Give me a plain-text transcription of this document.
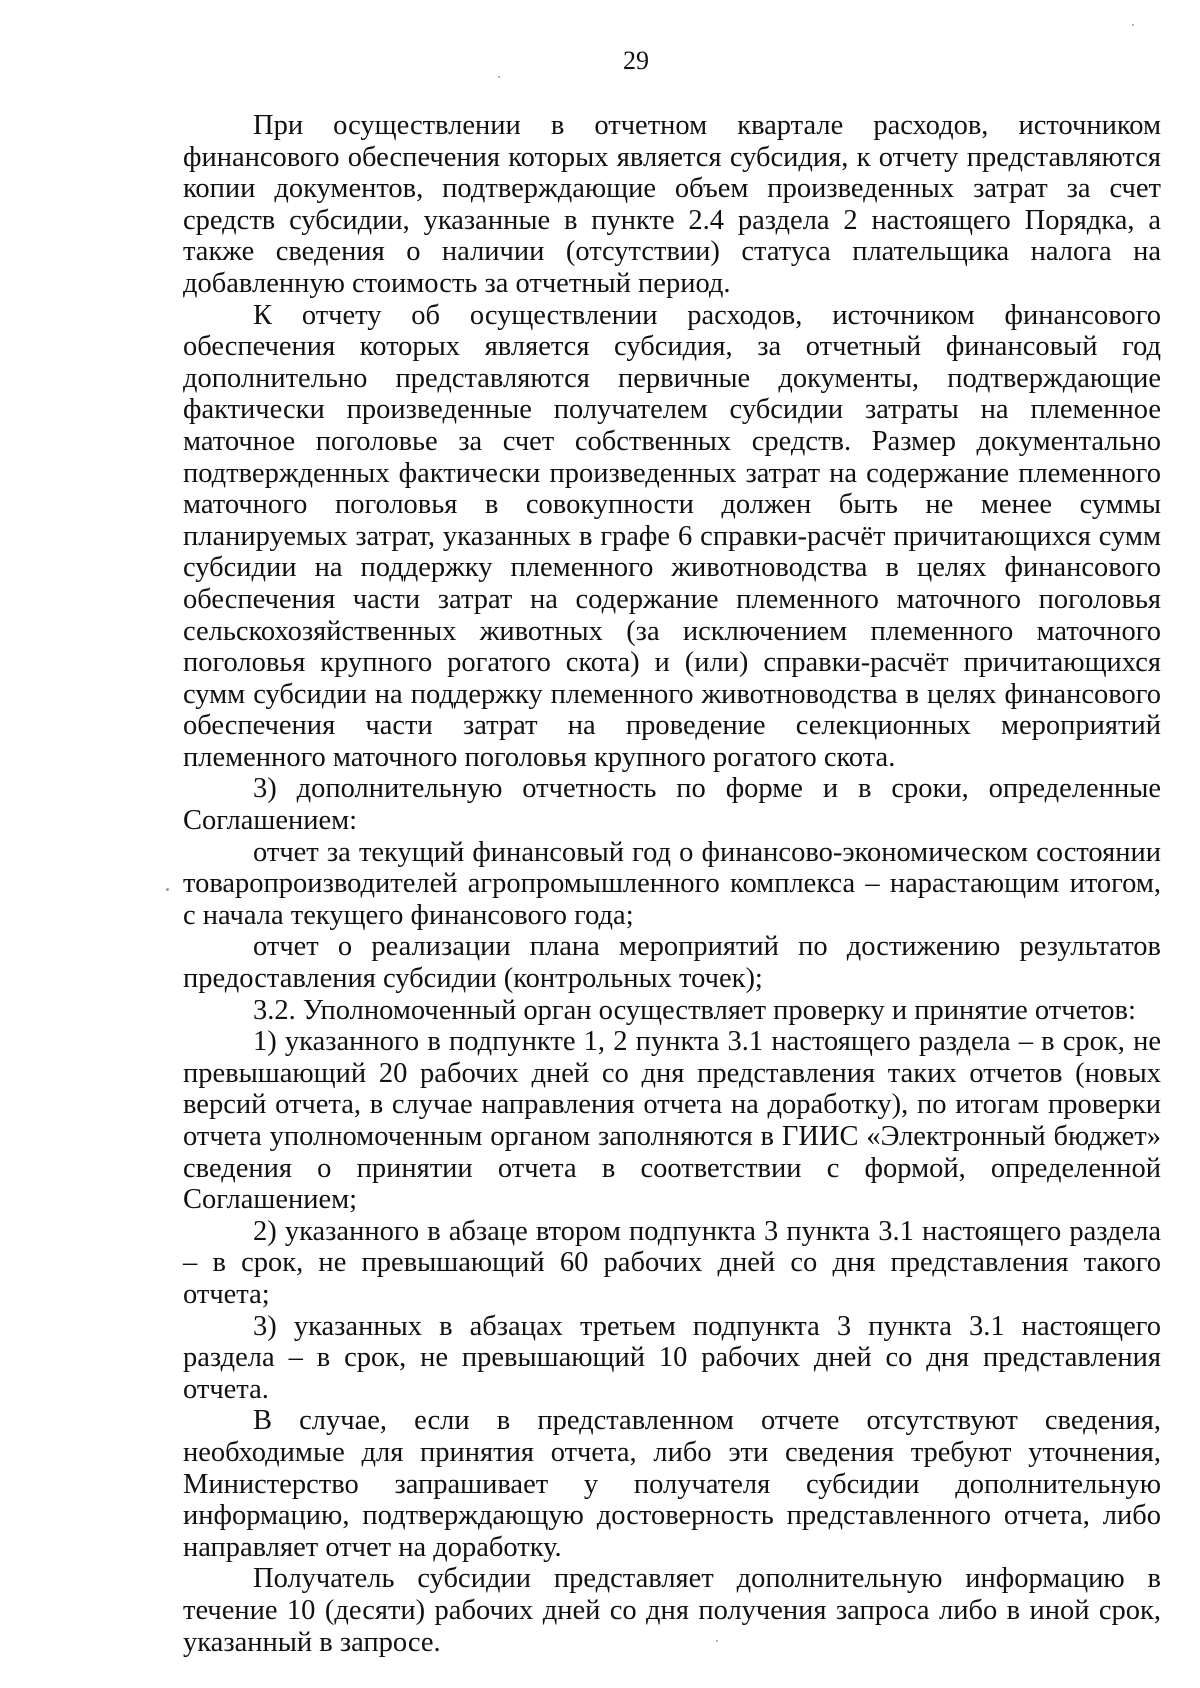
29

При осуществлении в отчетном квартале расходов, источником финансового обеспечения которых является субсидия, к отчету представляются копии документов, подтверждающие объем произведенных затрат за счет средств субсидии, указанные в пункте 2.4 раздела 2 настоящего Порядка, а также сведения о наличии (отсутствии) статуса плательщика налога на добавленную стоимость за отчетный период.

К отчету об осуществлении расходов, источником финансового обеспечения которых является субсидия, за отчетный финансовый год дополнительно представляются первичные документы, подтверждающие фактически произведенные получателем субсидии затраты на племенное маточное поголовье за счет собственных средств. Размер документально подтвержденных фактически произведенных затрат на содержание племенного маточного поголовья в совокупности должен быть не менее суммы планируемых затрат, указанных в графе 6 справки-расчёт причитающихся сумм субсидии на поддержку племенного животноводства в целях финансового обеспечения части затрат на содержание племенного маточного поголовья сельскохозяйственных животных (за исключением племенного маточного поголовья крупного рогатого скота) и (или) справки-расчёт причитающихся сумм субсидии на поддержку племенного животноводства в целях финансового обеспечения части затрат на проведение селекционных мероприятий племенного маточного поголовья крупного рогатого скота.

3) дополнительную отчетность по форме и в сроки, определенные Соглашением:

отчет за текущий финансовый год о финансово-экономическом состоянии товаропроизводителей агропромышленного комплекса – нарастающим итогом, с начала текущего финансового года;

отчет о реализации плана мероприятий по достижению результатов предоставления субсидии (контрольных точек);

3.2. Уполномоченный орган осуществляет проверку и принятие отчетов:

1) указанного в подпункте 1, 2 пункта 3.1 настоящего раздела – в срок, не превышающий 20 рабочих дней со дня представления таких отчетов (новых версий отчета, в случае направления отчета на доработку), по итогам проверки отчета уполномоченным органом заполняются в ГИИС «Электронный бюджет» сведения о принятии отчета в соответствии с формой, определенной Соглашением;

2) указанного в абзаце втором подпункта 3 пункта 3.1 настоящего раздела – в срок, не превышающий 60 рабочих дней со дня представления такого отчета;

3) указанных в абзацах третьем подпункта 3 пункта 3.1 настоящего раздела – в срок, не превышающий 10 рабочих дней со дня представления отчета.

В случае, если в представленном отчете отсутствуют сведения, необходимые для принятия отчета, либо эти сведения требуют уточнения, Министерство запрашивает у получателя субсидии дополнительную информацию, подтверждающую достоверность представленного отчета, либо направляет отчет на доработку.

Получатель субсидии представляет дополнительную информацию в течение 10 (десяти) рабочих дней со дня получения запроса либо в иной срок, указанный в запросе.
